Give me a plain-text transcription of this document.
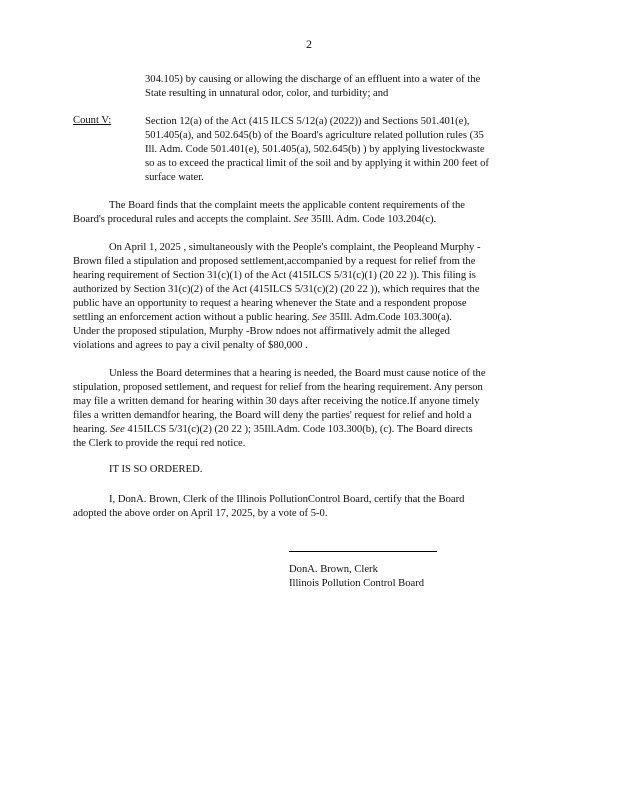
2
304.105) by causing or allowing the discharge of an effluent into a water of the
State resulting in unnatural odor, color, and turbidity; and
Count V:	Section 12(a) of the Act (415 ILCS 5/12(a) (2022)) and Sections 501.401(e),
501.405(a), and 502.645(b) of the Board's agriculture related pollution rules (35
Ill. Adm. Code 501.401(e), 501.405(a), 502.645(b) ) by applying livestockwaste
so as to exceed the practical limit of the soil and by applying it within 200 feet of
surface water.
The Board finds that the complaint meets the applicable content requirements of the
Board's procedural rules and accepts the complaint. See 35Ill. Adm. Code 103.204(c).
On April 1, 2025 , simultaneously with the People's complaint, the Peopleand Murphy -
Brown filed a stipulation and proposed settlement,accompanied by a request for relief from the
hearing requirement of Section 31(c)(1) of the Act (415ILCS 5/31(c)(1) (20 22 )). This filing is
authorized by Section 31(c)(2) of the Act (415ILCS 5/31(c)(2) (20 22 )), which requires that the
public have an opportunity to request a hearing whenever the State and a respondent propose
settling an enforcement action without a public hearing. See 35Ill. Adm.Code 103.300(a).
Under the proposed stipulation, Murphy -Brow ndoes not affirmatively admit the alleged
violations and agrees to pay a civil penalty of $80,000 .
Unless the Board determines that a hearing is needed, the Board must cause notice of the
stipulation, proposed settlement, and request for relief from the hearing requirement. Any person
may file a written demand for hearing within 30 days after receiving the notice.If anyone timely
files a written demandfor hearing, the Board will deny the parties' request for relief and hold a
hearing. See 415ILCS 5/31(c)(2) (20 22 ); 35Ill.Adm. Code 103.300(b), (c). The Board directs
the Clerk to provide the requi red notice.
IT IS SO ORDERED.
I, DonA. Brown, Clerk of the Illinois PollutionControl Board, certify that the Board
adopted the above order on April 17, 2025, by a vote of 5-0.
DonA. Brown, Clerk
Illinois Pollution Control Board
